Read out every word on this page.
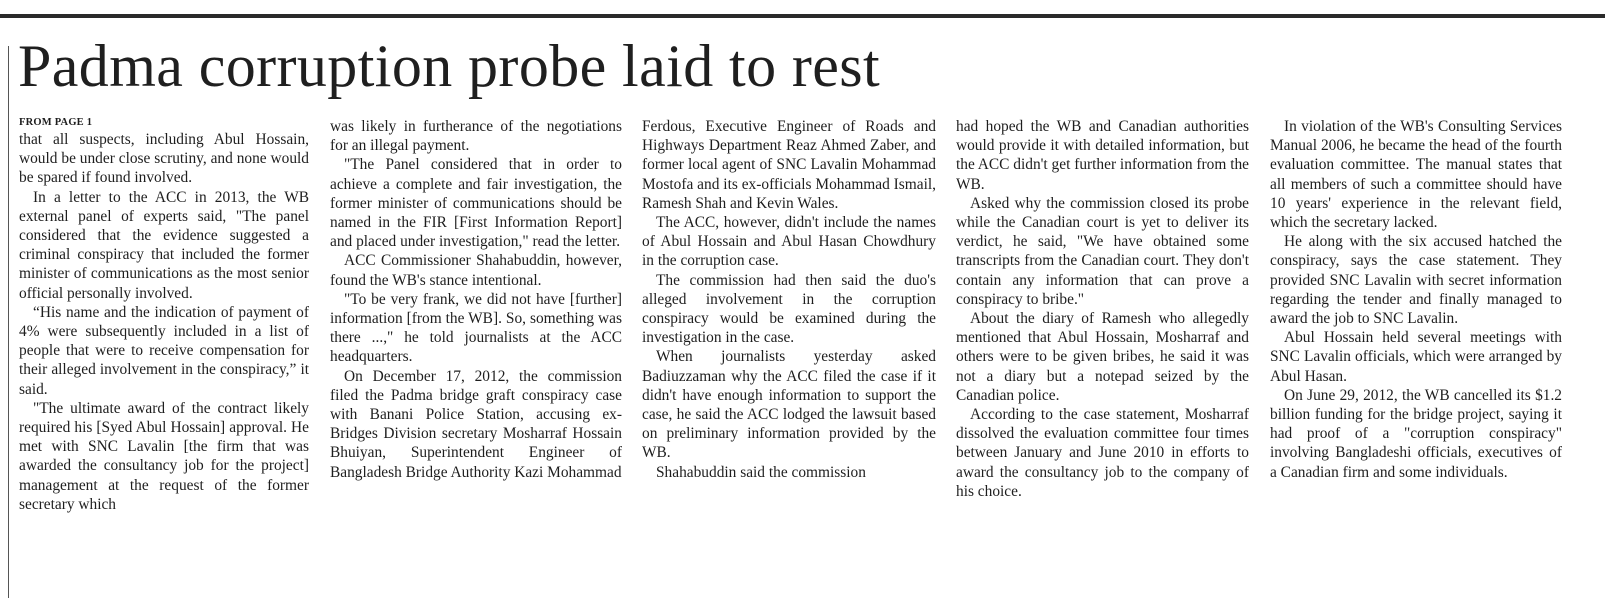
Padma corruption probe laid to rest
FROM PAGE 1

that all suspects, including Abul Hossain, would be under close scrutiny, and none would be spared if found involved.

In a letter to the ACC in 2013, the WB external panel of experts said, "The panel considered that the evidence suggested a criminal conspiracy that included the former minister of communications as the most senior official personally involved.

“His name and the indication of payment of 4% were subsequently included in a list of people that were to receive compensation for their alleged involvement in the conspiracy,” it said.

"The ultimate award of the contract likely required his [Syed Abul Hossain] approval. He met with SNC Lavalin [the firm that was awarded the consultancy job for the project] management at the request of the former secretary which

was likely in furtherance of the negotiations for an illegal payment.

"The Panel considered that in order to achieve a complete and fair investigation, the former minister of communications should be named in the FIR [First Information Report] and placed under investigation," read the letter.

ACC Commissioner Shahabuddin, however, found the WB's stance intentional.

"To be very frank, we did not have [further] information [from the WB]. So, something was there ...," he told journalists at the ACC headquarters.

On December 17, 2012, the commission filed the Padma bridge graft conspiracy case with Banani Police Station, accusing ex-Bridges Division secretary Mosharraf Hossain Bhuiyan, Superintendent Engineer of Bangladesh Bridge Authority Kazi Mohammad

Ferdous, Executive Engineer of Roads and Highways Department Reaz Ahmed Zaber, and former local agent of SNC Lavalin Mohammad Mostofa and its ex-officials Mohammad Ismail, Ramesh Shah and Kevin Wales.

The ACC, however, didn't include the names of Abul Hossain and Abul Hasan Chowdhury in the corruption case.

The commission had then said the duo's alleged involvement in the corruption conspiracy would be examined during the investigation in the case.

When journalists yesterday asked Badiuzzaman why the ACC filed the case if it didn't have enough information to support the case, he said the ACC lodged the lawsuit based on preliminary information provided by the WB.

Shahabuddin said the commission

had hoped the WB and Canadian authorities would provide it with detailed information, but the ACC didn't get further information from the WB.

Asked why the commission closed its probe while the Canadian court is yet to deliver its verdict, he said, "We have obtained some transcripts from the Canadian court. They don't contain any information that can prove a conspiracy to bribe."

About the diary of Ramesh who allegedly mentioned that Abul Hossain, Mosharraf and others were to be given bribes, he said it was not a diary but a notepad seized by the Canadian police.

According to the case statement, Mosharraf dissolved the evaluation committee four times between January and June 2010 in efforts to award the consultancy job to the company of his choice.

In violation of the WB's Consulting Services Manual 2006, he became the head of the fourth evaluation committee. The manual states that all members of such a committee should have 10 years' experience in the relevant field, which the secretary lacked.

He along with the six accused hatched the conspiracy, says the case statement. They provided SNC Lavalin with secret information regarding the tender and finally managed to award the job to SNC Lavalin.

Abul Hossain held several meetings with SNC Lavalin officials, which were arranged by Abul Hasan.

On June 29, 2012, the WB cancelled its $1.2 billion funding for the bridge project, saying it had proof of a "corruption conspiracy" involving Bangladeshi officials, executives of a Canadian firm and some individuals.
